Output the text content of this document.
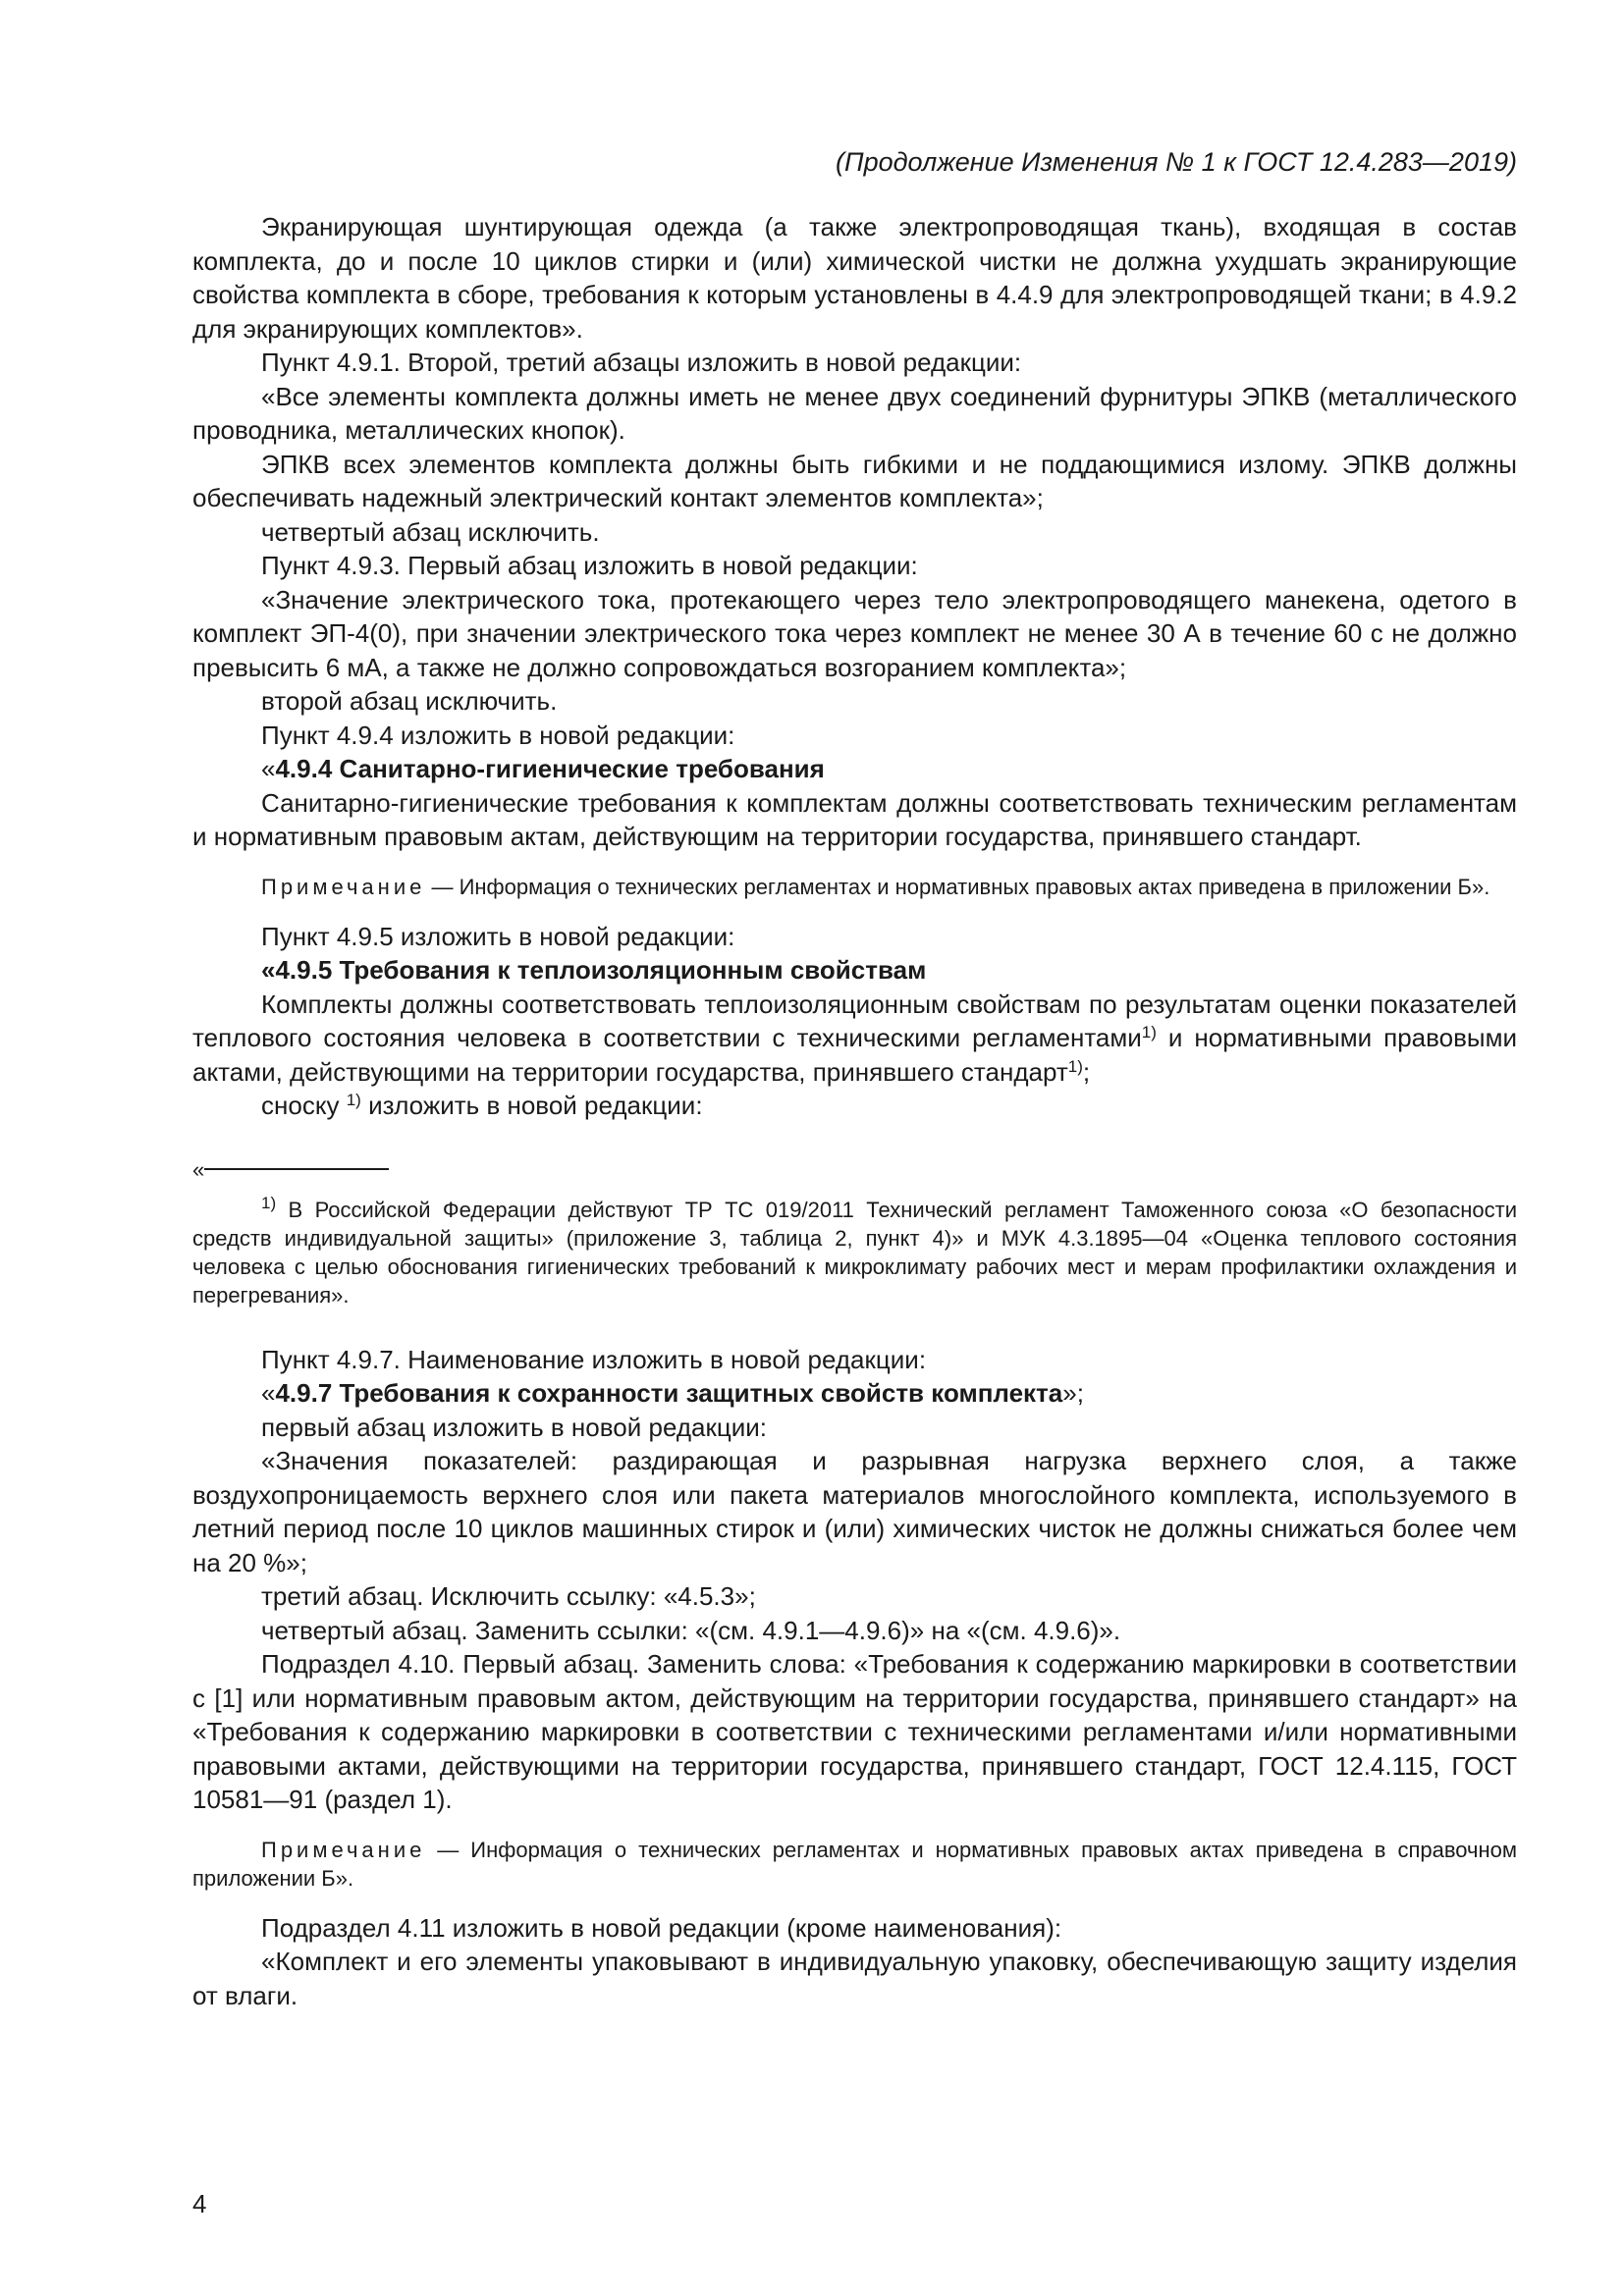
(Продолжение Изменения № 1 к ГОСТ 12.4.283—2019)

Экранирующая шунтирующая одежда (а также электропроводящая ткань), входящая в состав комплекта, до и после 10 циклов стирки и (или) химической чистки не должна ухудшать экранирующие свойства комплекта в сборе, требования к которым установлены в 4.4.9 для электропроводящей ткани; в 4.9.2 для экранирующих комплектов».

Пункт 4.9.1. Второй, третий абзацы изложить в новой редакции:

«Все элементы комплекта должны иметь не менее двух соединений фурнитуры ЭПКВ (металлического проводника, металлических кнопок).

ЭПКВ всех элементов комплекта должны быть гибкими и не поддающимися излому. ЭПКВ должны обеспечивать надежный электрический контакт элементов комплекта»;

четвертый абзац исключить.

Пункт 4.9.3. Первый абзац изложить в новой редакции:

«Значение электрического тока, протекающего через тело электропроводящего манекена, одетого в комплект ЭП-4(0), при значении электрического тока через комплект не менее 30 А в течение 60 с не должно превысить 6 мА, а также не должно сопровождаться возгоранием комплекта»;

второй абзац исключить.

Пункт 4.9.4 изложить в новой редакции:

«4.9.4 Санитарно-гигиенические требования

Санитарно-гигиенические требования к комплектам должны соответствовать техническим регламентам и нормативным правовым актам, действующим на территории государства, принявшего стандарт.

Примечание — Информация о технических регламентах и нормативных правовых актах приведена в приложении Б».

Пункт 4.9.5 изложить в новой редакции:

«4.9.5 Требования к теплоизоляционным свойствам

Комплекты должны соответствовать теплоизоляционным свойствам по результатам оценки показателей теплового состояния человека в соответствии с техническими регламентами$^{1)}$ и нормативными правовыми актами, действующими на территории государства, принявшего стандарт$^{1)}$;

сноску $^{1)}$ изложить в новой редакции:

«

$^{1)}$ В Российской Федерации действуют ТР ТС 019/2011 Технический регламент Таможенного союза «О безопасности средств индивидуальной защиты» (приложение 3, таблица 2, пункт 4)» и МУК 4.3.1895—04 «Оценка теплового состояния человека с целью обоснования гигиенических требований к микроклимату рабочих мест и мерам профилактики охлаждения и перегревания».

Пункт 4.9.7. Наименование изложить в новой редакции:

«4.9.7 Требования к сохранности защитных свойств комплекта»;

первый абзац изложить в новой редакции:

«Значения показателей: раздирающая и разрывная нагрузка верхнего слоя, а также воздухопроницаемость верхнего слоя или пакета материалов многослойного комплекта, используемого в летний период после 10 циклов машинных стирок и (или) химических чисток не должны снижаться более чем на 20 %»;

третий абзац. Исключить ссылку: «4.5.3»;

четвертый абзац. Заменить ссылки: «(см. 4.9.1—4.9.6)» на «(см. 4.9.6)».

Подраздел 4.10. Первый абзац. Заменить слова: «Требования к содержанию маркировки в соответствии с [1] или нормативным правовым актом, действующим на территории государства, принявшего стандарт» на «Требования к содержанию маркировки в соответствии с техническими регламентами и/или нормативными правовыми актами, действующими на территории государства, принявшего стандарт, ГОСТ 12.4.115, ГОСТ 10581—91 (раздел 1).

Примечание — Информация о технических регламентах и нормативных правовых актах приведена в справочном приложении Б».

Подраздел 4.11 изложить в новой редакции (кроме наименования):

«Комплект и его элементы упаковывают в индивидуальную упаковку, обеспечивающую защиту изделия от влаги.

4
